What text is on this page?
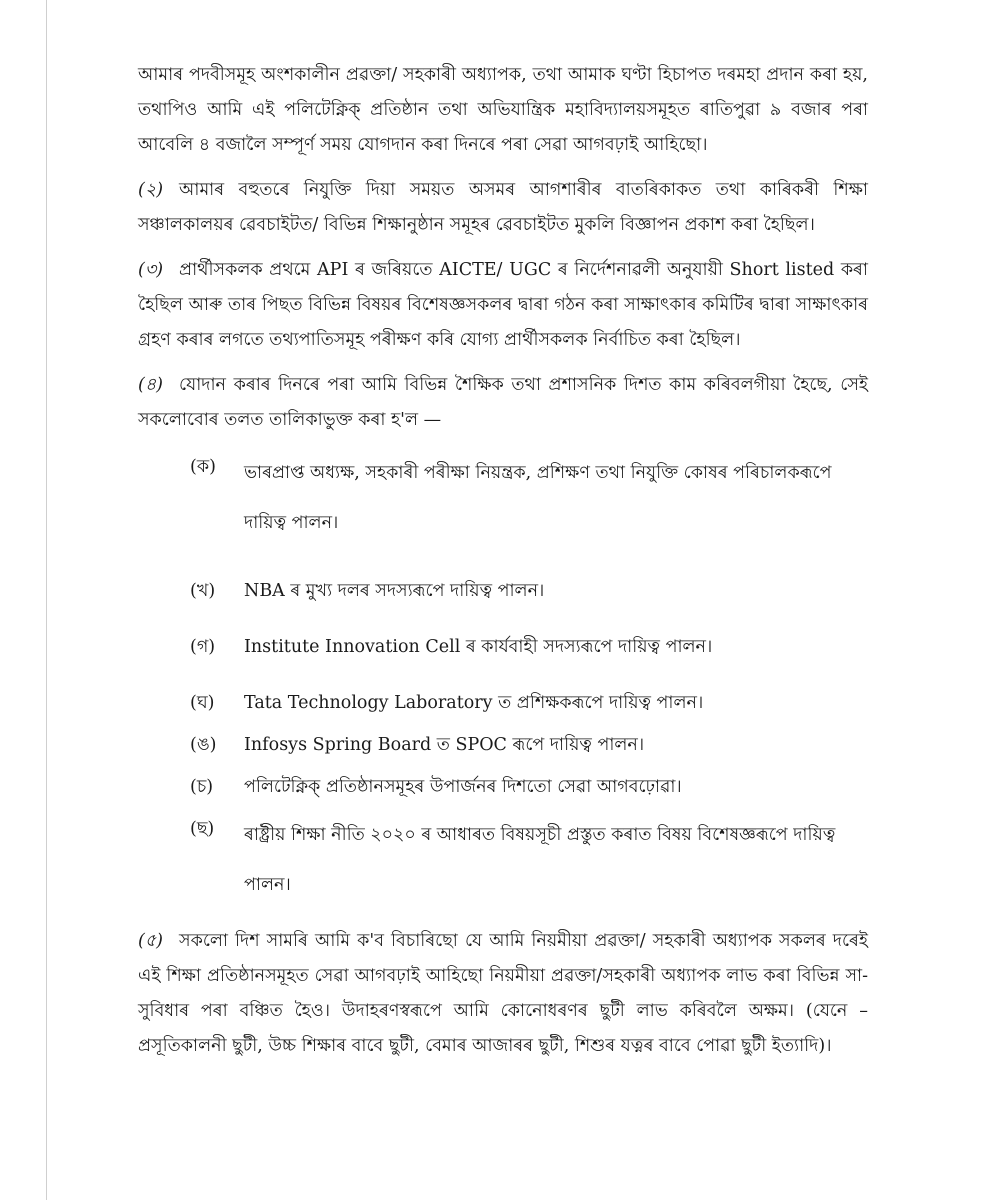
আমাৰ পদবীসমূহ অংশকালীন প্ৰৱক্তা/ সহকাৰী অধ্যাপক, তথা আমাক ঘণ্টা হিচাপত দৰমহা প্ৰদান কৰা হয়, তথাপিও আমি এই পলিটেক্নিক্ প্ৰতিষ্ঠান তথা অভিযান্ত্ৰিক মহাবিদ্যালয়সমূহত ৰাতিপুৱা ৯ বজাৰ পৰা আবেলি ৪ বজালৈ সম্পূৰ্ণ সময় যোগদান কৰা দিনৰে পৰা সেৱা আগবঢ়াই আহিছো।

(২) আমাৰ বহুতৰে নিযুক্তি দিয়া সময়ত অসমৰ আগশাৰীৰ বাতৰিকাকত তথা কাৰিকৰী শিক্ষা সঞ্চালকালয়ৰ ৱেবচাইটত/ বিভিন্ন শিক্ষানুষ্ঠান সমূহৰ ৱেবচাইটত মুকলি বিজ্ঞাপন প্ৰকাশ কৰা হৈছিল।

(৩) প্ৰাৰ্থীসকলক প্ৰথমে API ৰ জৰিয়তে AICTE/ UGC ৰ নিৰ্দেশনাৱলী অনুযায়ী Short listed কৰা হৈছিল আৰু তাৰ পিছত বিভিন্ন বিষয়ৰ বিশেষজ্ঞসকলৰ দ্বাৰা গঠন কৰা সাক্ষাৎকাৰ কমিটিৰ দ্বাৰা সাক্ষাৎকাৰ গ্ৰহণ কৰাৰ লগতে তথ্যপাতিসমূহ পৰীক্ষণ কৰি যোগ্য প্ৰাৰ্থীসকলক নিৰ্বাচিত কৰা হৈছিল।

(৪) যোদান কৰাৰ দিনৰে পৰা আমি বিভিন্ন শৈক্ষিক তথা প্ৰশাসনিক দিশত কাম কৰিবলগীয়া হৈছে, সেই সকলোবোৰ তলত তালিকাভুক্ত কৰা হ'ল —

(ক)	ভাৰপ্ৰাপ্ত অধ্যক্ষ, সহকাৰী পৰীক্ষা নিয়ন্ত্ৰক, প্ৰশিক্ষণ তথা নিযুক্তি কোষৰ পৰিচালকৰূপে দায়িত্ব পালন।
(খ)	NBA ৰ মুখ্য দলৰ সদস্যৰূপে দায়িত্ব পালন।
(গ)	Institute Innovation Cell ৰ কাৰ্যবাহী সদস্যৰূপে দায়িত্ব পালন।
(ঘ)	Tata Technology Laboratory ত প্ৰশিক্ষকৰূপে দায়িত্ব পালন।
(ঙ)	Infosys Spring Board ত SPOC ৰূপে দায়িত্ব পালন।
(চ)	পলিটেক্নিক্ প্ৰতিষ্ঠানসমূহৰ উপাৰ্জনৰ দিশতো সেৱা আগবঢ়োৱা।
(ছ)	ৰাষ্ট্ৰীয় শিক্ষা নীতি ২০২০ ৰ আধাৰত বিষয়সূচী প্ৰস্তুত কৰাত বিষয় বিশেষজ্ঞৰূপে দায়িত্ব পালন।

(৫) সকলো দিশ সামৰি আমি ক'ব বিচাৰিছো যে আমি নিয়মীয়া প্ৰৱক্তা/ সহকাৰী অধ্যাপক সকলৰ দৰেই এই শিক্ষা প্ৰতিষ্ঠানসমূহত সেৱা আগবঢ়াই আহিছো নিয়মীয়া প্ৰৱক্তা/সহকাৰী অধ্যাপক লাভ কৰা বিভিন্ন সা-সুবিধাৰ পৰা বঞ্চিত হৈও। উদাহৰণস্বৰূপে আমি কোনোধৰণৰ ছুটী লাভ কৰিবলৈ অক্ষম। (যেনে – প্ৰসূতিকালনী ছুটী, উচ্চ শিক্ষাৰ বাবে ছুটী, বেমাৰ আজাৰৰ ছুটী, শিশুৰ যত্নৰ বাবে পোৱা ছুটী ইত্যাদি)।
